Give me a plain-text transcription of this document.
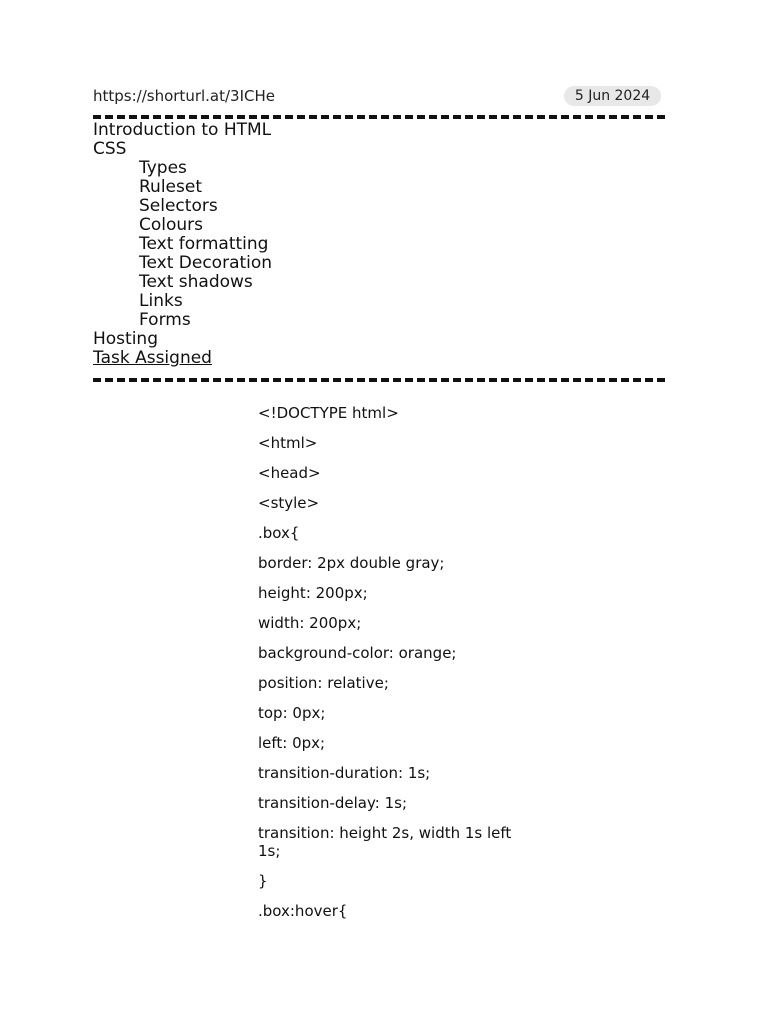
https://shorturl.at/3ICHe	5 Jun 2024
Introduction to HTML
CSS
Types
Ruleset
Selectors
Colours
Text formatting
Text Decoration
Text shadows
Links
Forms
Hosting
Task Assigned
<!DOCTYPE html>
<html>
<head>
<style>
.box{
border: 2px double gray;
height: 200px;
width: 200px;
background-color: orange;
position: relative;
top: 0px;
left: 0px;
transition-duration: 1s;
transition-delay: 1s;
transition: height 2s, width 1s left 1s;
}
.box:hover{
